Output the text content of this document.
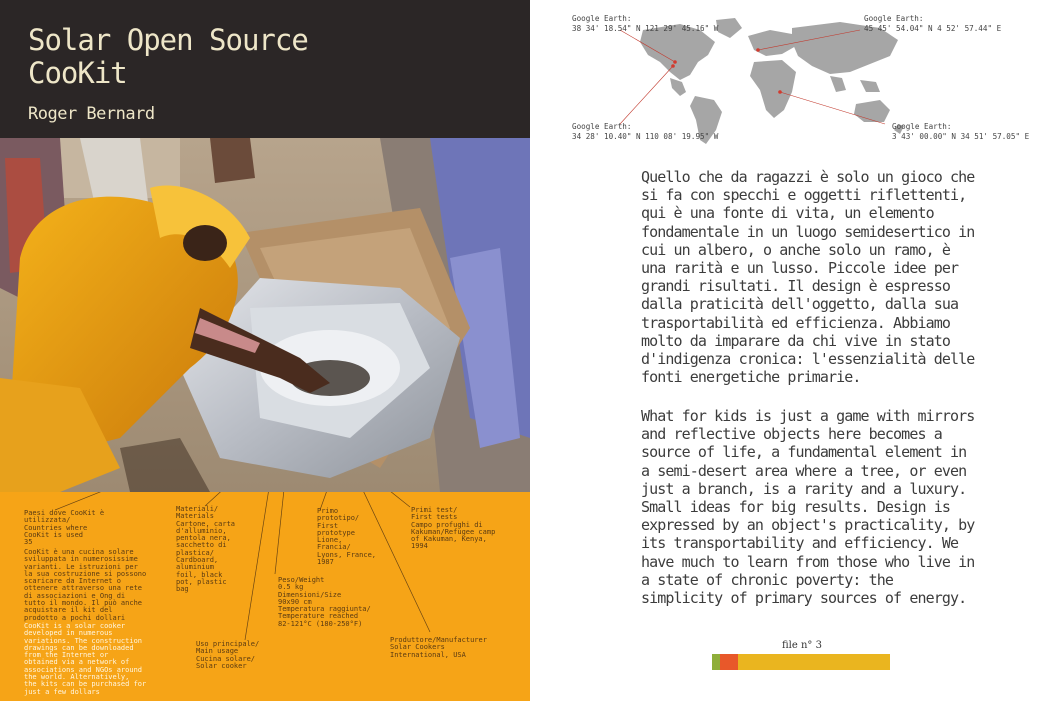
Solar Open Source
CooKit
Roger Bernard
Paesi dove CooKit è
utilizzata/
Countries where
CooKit is used
35
Materiali/
Materials
Cartone, carta
d'alluminio,
pentola nera,
sacchetto di
plastica/
Cardboard,
aluminium
foil, black
pot, plastic
bag
Primo
prototipo/
First
prototype
Lione,
Francia/
Lyons, France,
1987
Primi test/
First tests
Campo profughi di
Kakuman/Refugee camp
of Kakuman, Kenya,
1994
Peso/Weight
0.5 kg
Dimensioni/Size
90x90 cm
Temperatura raggiunta/
Temperature reached
82-121°C (180-250°F)
CooKit è una cucina solare
sviluppata in numerosissime
varianti. Le istruzioni per
la sua costruzione si possono
scaricare da Internet o
ottenere attraverso una rete
di associazioni e Ong di
tutto il mondo. Il può anche
acquistare il kit del
prodotto a pochi dollari
CooKit is a solar cooker
developed in numerous
variations. The construction
drawings can be downloaded
from the Internet or
obtained via a network of
associations and NGOs around
the world. Alternatively,
the kits can be purchased for
just a few dollars
Uso principale/
Main usage
Cucina solare/
Solar cooker
Produttore/Manufacturer
Solar Cookers
International, USA
Google Earth:
38 34' 18.54" N 121 29' 45.16" W
Google Earth:
45 45' 54.04" N 4 52' 57.44" E
Google Earth:
34 28' 10.40" N 110 08' 19.95" W
Google Earth:
3 43' 00.00" N 34 51' 57.05" E

Quello che da ragazzi è solo un gioco che si fa con specchi e oggetti riflettenti, qui è una fonte di vita, un elemento fondamentale in un luogo semidesertico in cui un albero, o anche solo un ramo, è una rarità e un lusso. Piccole idee per grandi risultati. Il design è espresso dalla praticità dell'oggetto, dalla sua trasportabilità ed efficienza. Abbiamo molto da imparare da chi vive in stato d'indigenza cronica: l'essenzialità delle fonti energetiche primarie.

What for kids is just a game with mirrors and reflective objects here becomes a source of life, a fundamental element in a semi-desert area where a tree, or even just a branch, is a rarity and a luxury. Small ideas for big results. Design is expressed by an object's practicality, by its transportability and efficiency. We have much to learn from those who live in a state of chronic poverty: the simplicity of primary sources of energy.

file n° 3
